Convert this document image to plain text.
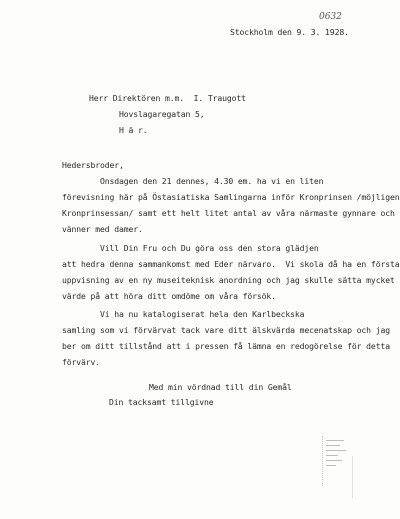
0632
Stockholm den 9. 3. 1928.
Herr Direktören m.m.  I. Traugott
Hovslagaregatan 5,
H ä r.
Hedersbroder,
Onsdagen den 21 dennes, 4.30 em. ha vi en liten
förevisning här på Östasiatiska Samlingarna inför Kronprinsen /möjligen
Kronprinsessan/ samt ett helt litet antal av våra närmaste gynnare och
vänner med damer.
Vill Din Fru och Du göra oss den stora glädjen
att hedra denna sammankomst med Eder närvaro.  Vi skola då ha en första
uppvisning av en ny museiteknisk anordning och jag skulle sätta mycket
värde på att höra ditt omdöme om våra försök.
Vi ha nu katalogiserat hela den Karlbeckska
samling som vi förvärvat tack vare ditt älskvärda mecenatskap och jag
ber om ditt tillstånd att i pressen få lämna en redogörelse för detta
förvärv.
Med min vördnad till din Gemål
Din tacksamt tillgivne
